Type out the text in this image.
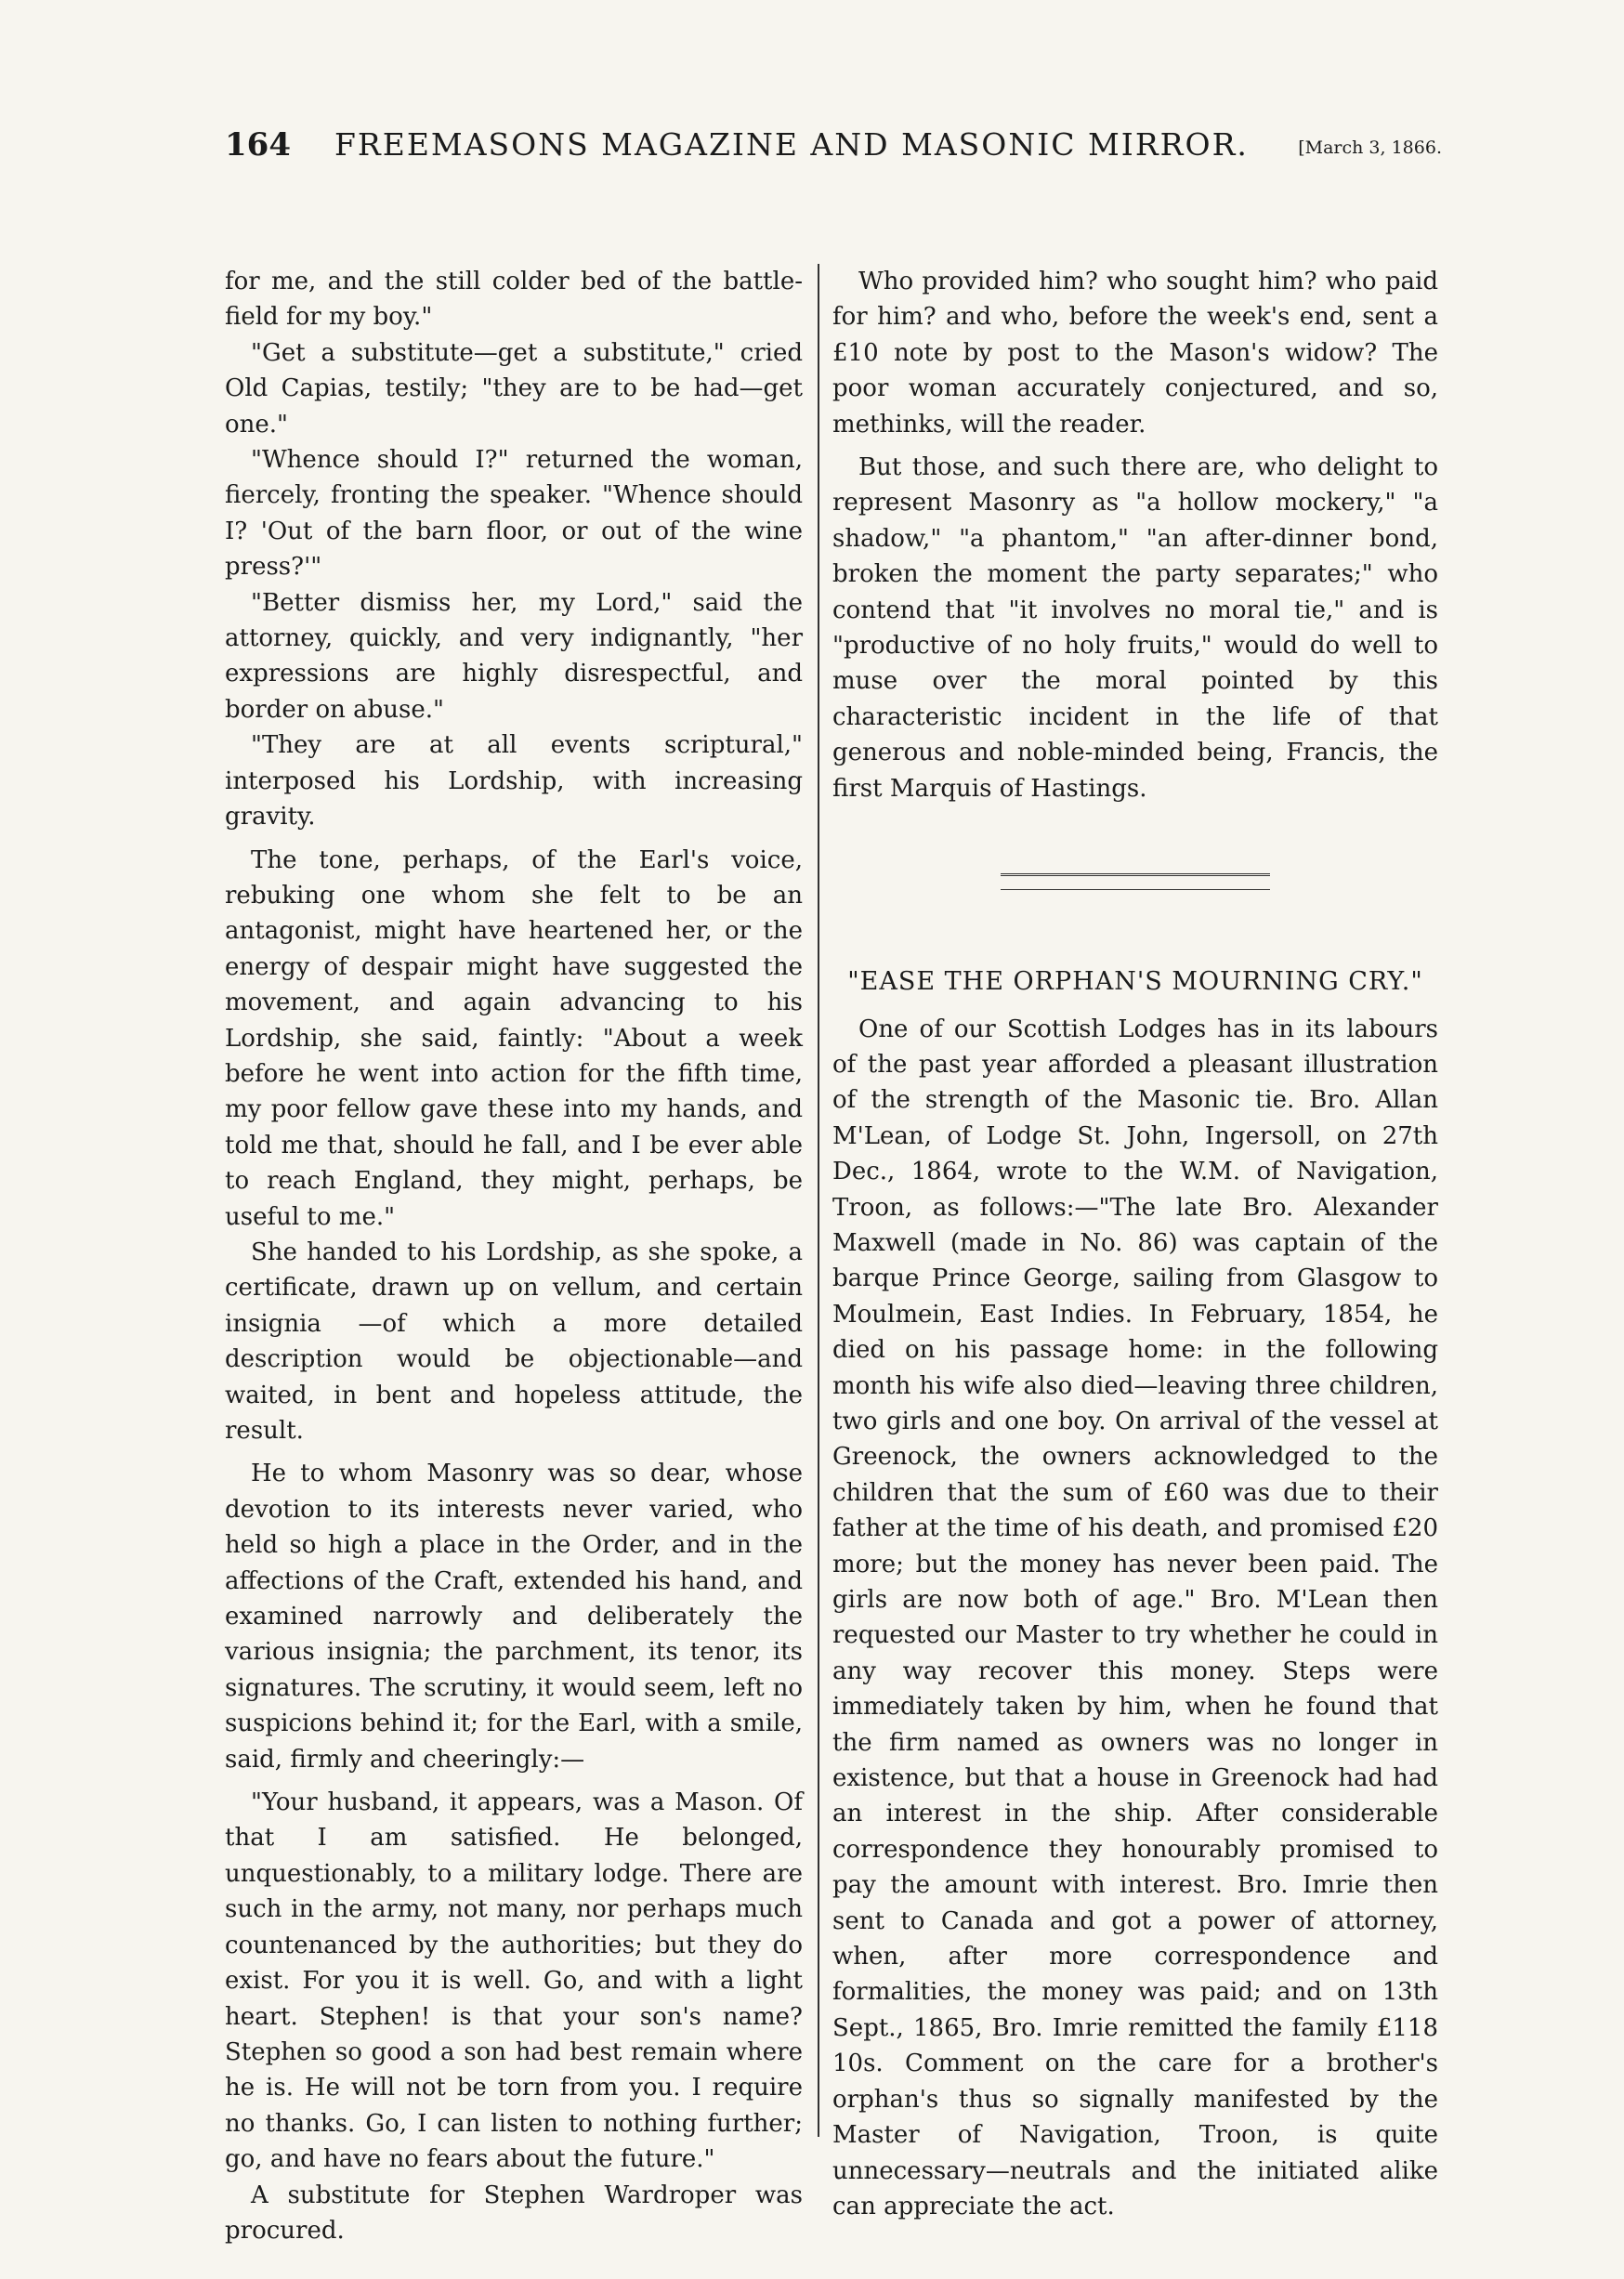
164 FREEMASONS MAGAZINE AND MASONIC MIRROR.	[March 3, 1866.

for me, and the still colder bed of the battle-field for my boy."

"Get a substitute—get a substitute," cried Old Capias, testily; "they are to be had—get one."

"Whence should I?" returned the woman, fiercely, fronting the speaker. "Whence should I? 'Out of the barn floor, or out of the wine press?'"

"Better dismiss her, my Lord," said the attorney, quickly, and very indignantly, "her expressions are highly disrespectful, and border on abuse."

"They are at all events scriptural," interposed his Lordship, with increasing gravity.

The tone, perhaps, of the Earl's voice, rebuking one whom she felt to be an antagonist, might have heartened her, or the energy of despair might have suggested the movement, and again advancing to his Lordship, she said, faintly: "About a week before he went into action for the fifth time, my poor fellow gave these into my hands, and told me that, should he fall, and I be ever able to reach England, they might, perhaps, be useful to me."

She handed to his Lordship, as she spoke, a certificate, drawn up on vellum, and certain insignia —of which a more detailed description would be objectionable—and waited, in bent and hopeless attitude, the result.

He to whom Masonry was so dear, whose devotion to its interests never varied, who held so high a place in the Order, and in the affections of the Craft, extended his hand, and examined narrowly and deliberately the various insignia; the parchment, its tenor, its signatures. The scrutiny, it would seem, left no suspicions behind it; for the Earl, with a smile, said, firmly and cheeringly:—

"Your husband, it appears, was a Mason. Of that I am satisfied. He belonged, unquestionably, to a military lodge. There are such in the army, not many, nor perhaps much countenanced by the authorities; but they do exist. For you it is well. Go, and with a light heart. Stephen! is that your son's name? Stephen so good a son had best remain where he is. He will not be torn from you. I require no thanks. Go, I can listen to nothing further; go, and have no fears about the future."

A substitute for Stephen Wardroper was procured.

Who provided him? who sought him? who paid for him? and who, before the week's end, sent a £10 note by post to the Mason's widow? The poor woman accurately conjectured, and so, methinks, will the reader.

But those, and such there are, who delight to represent Masonry as "a hollow mockery," "a shadow," "a phantom," "an after-dinner bond, broken the moment the party separates;" who contend that "it involves no moral tie," and is "productive of no holy fruits," would do well to muse over the moral pointed by this characteristic incident in the life of that generous and noble-minded being, Francis, the first Marquis of Hastings.

"EASE THE ORPHAN'S MOURNING CRY."

One of our Scottish Lodges has in its labours of the past year afforded a pleasant illustration of the strength of the Masonic tie. Bro. Allan M'Lean, of Lodge St. John, Ingersoll, on 27th Dec., 1864, wrote to the W.M. of Navigation, Troon, as follows:—"The late Bro. Alexander Maxwell (made in No. 86) was captain of the barque Prince George, sailing from Glasgow to Moulmein, East Indies. In February, 1854, he died on his passage home: in the following month his wife also died—leaving three children, two girls and one boy. On arrival of the vessel at Greenock, the owners acknowledged to the children that the sum of £60 was due to their father at the time of his death, and promised £20 more; but the money has never been paid. The girls are now both of age." Bro. M'Lean then requested our Master to try whether he could in any way recover this money. Steps were immediately taken by him, when he found that the firm named as owners was no longer in existence, but that a house in Greenock had had an interest in the ship. After considerable correspondence they honourably promised to pay the amount with interest. Bro. Imrie then sent to Canada and got a power of attorney, when, after more correspondence and formalities, the money was paid; and on 13th Sept., 1865, Bro. Imrie remitted the family £118 10s. Comment on the care for a brother's orphan's thus so signally manifested by the Master of Navigation, Troon, is quite unnecessary—neutrals and the initiated alike can appreciate the act.
